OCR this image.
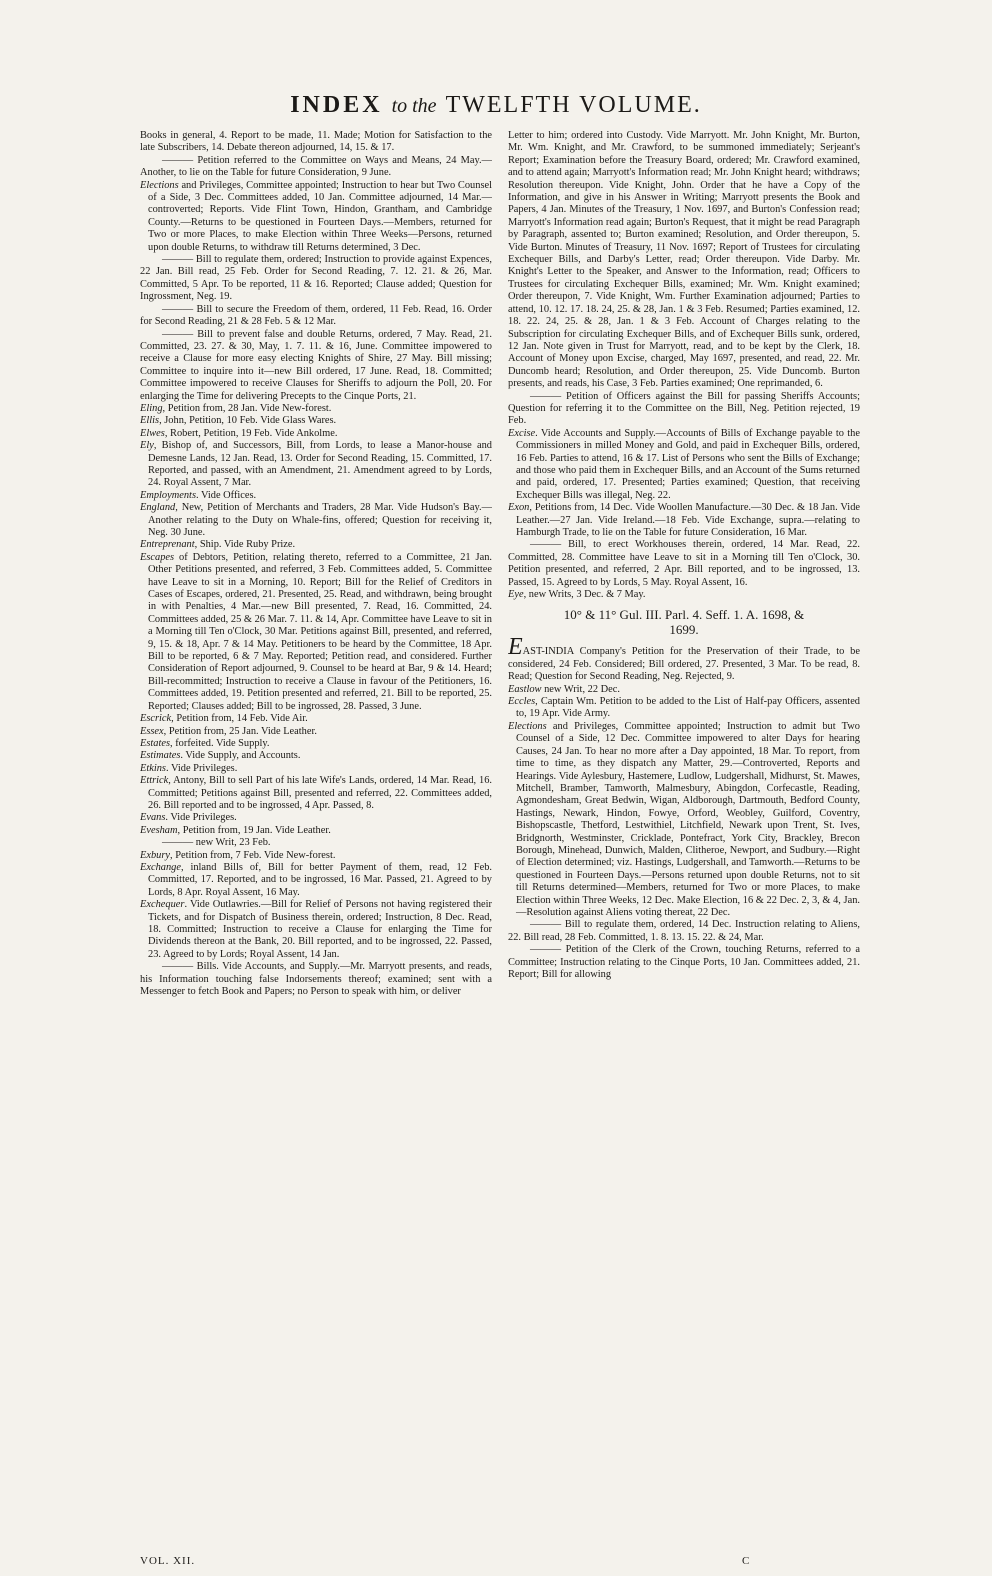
INDEX to the TWELFTH VOLUME.

Books in general, 4. Report to be made, 11. Made; Motion for Satisfaction to the late Subscribers, 14. Debate thereon adjourned, 14, 15. & 17.

——— Petition referred to the Committee on Ways and Means, 24 May.—Another, to lie on the Table for future Consideration, 9 June.

Elections and Privileges, Committee appointed; Instruction to hear but Two Counsel of a Side, 3 Dec. Committees added, 10 Jan. Committee adjourned, 14 Mar.—controverted; Reports. Vide Flint Town, Hindon, Grantham, and Cambridge County.—Returns to be questioned in Fourteen Days.—Members, returned for Two or more Places, to make Election within Three Weeks—Persons, returned upon double Returns, to withdraw till Returns determined, 3 Dec.

——— Bill to regulate them, ordered; Instruction to provide against Expences, 22 Jan. Bill read, 25 Feb. Order for Second Reading, 7. 12. 21. & 26, Mar. Committed, 5 Apr. To be reported, 11 & 16. Reported; Clause added; Question for Ingrossment, Neg. 19.

——— Bill to secure the Freedom of them, ordered, 11 Feb. Read, 16. Order for Second Reading, 21 & 28 Feb. 5 & 12 Mar.

——— Bill to prevent false and double Returns, ordered, 7 May. Read, 21. Committed, 23. 27. & 30, May, 1. 7. 11. & 16, June. Committee impowered to receive a Clause for more easy electing Knights of Shire, 27 May. Bill missing; Committee to inquire into it—new Bill ordered, 17 June. Read, 18. Committed; Committee impowered to receive Clauses for Sheriffs to adjourn the Poll, 20. For enlarging the Time for delivering Precepts to the Cinque Ports, 21.

Eling, Petition from, 28 Jan. Vide New-forest.

Ellis, John, Petition, 10 Feb. Vide Glass Wares.

Elwes, Robert, Petition, 19 Feb. Vide Ankolme.

Ely, Bishop of, and Successors, Bill, from Lords, to lease a Manor-house and Demesne Lands, 12 Jan. Read, 13. Order for Second Reading, 15. Committed, 17. Reported, and passed, with an Amendment, 21. Amendment agreed to by Lords, 24. Royal Assent, 7 Mar.

Employments. Vide Offices.

England, New, Petition of Merchants and Traders, 28 Mar. Vide Hudson's Bay.—Another relating to the Duty on Whale-fins, offered; Question for receiving it, Neg. 30 June.

Entreprenant, Ship. Vide Ruby Prize.

Escapes of Debtors, Petition, relating thereto, referred to a Committee, 21 Jan. Other Petitions presented, and referred, 3 Feb. Committees added, 5. Committee have Leave to sit in a Morning, 10. Report; Bill for the Relief of Creditors in Cases of Escapes, ordered, 21. Presented, 25. Read, and withdrawn, being brought in with Penalties, 4 Mar.—new Bill presented, 7. Read, 16. Committed, 24. Committees added, 25 & 26 Mar. 7. 11. & 14, Apr. Committee have Leave to sit in a Morning till Ten o'Clock, 30 Mar. Petitions against Bill, presented, and referred, 9, 15. & 18, Apr. 7 & 14 May. Petitioners to be heard by the Committee, 18 Apr. Bill to be reported, 6 & 7 May. Reported; Petition read, and considered. Further Consideration of Report adjourned, 9. Counsel to be heard at Bar, 9 & 14. Heard; Bill-recommitted; Instruction to receive a Clause in favour of the Petitioners, 16. Committees added, 19. Petition presented and referred, 21. Bill to be reported, 25. Reported; Clauses added; Bill to be ingrossed, 28. Passed, 3 June.

Escrick, Petition from, 14 Feb. Vide Air.

Essex, Petition from, 25 Jan. Vide Leather.

Estates, forfeited. Vide Supply.

Estimates. Vide Supply, and Accounts.

Etkins. Vide Privileges.

Ettrick, Antony, Bill to sell Part of his late Wife's Lands, ordered, 14 Mar. Read, 16. Committed; Petitions against Bill, presented and referred, 22. Committees added, 26. Bill reported and to be ingrossed, 4 Apr. Passed, 8.

Evans. Vide Privileges.

Evesham, Petition from, 19 Jan. Vide Leather.

——— new Writ, 23 Feb.

Exbury, Petition from, 7 Feb. Vide New-forest.

Exchange, inland Bills of, Bill for better Payment of them, read, 12 Feb. Committed, 17. Reported, and to be ingrossed, 16 Mar. Passed, 21. Agreed to by Lords, 8 Apr. Royal Assent, 16 May.

Exchequer. Vide Outlawries.—Bill for Relief of Persons not having registered their Tickets, and for Dispatch of Business therein, ordered; Instruction, 8 Dec. Read, 18. Committed; Instruction to receive a Clause for enlarging the Time for Dividends thereon at the Bank, 20. Bill reported, and to be ingrossed, 22. Passed, 23. Agreed to by Lords; Royal Assent, 14 Jan.

——— Bills. Vide Accounts, and Supply.—Mr. Marryott presents, and reads, his Information touching false Indorsements thereof; examined; sent with a Messenger to fetch Book and Papers; no Person to speak with him, or deliver

Letter to him; ordered into Custody. Vide Marryott. Mr. John Knight, Mr. Burton, Mr. Wm. Knight, and Mr. Crawford, to be summoned immediately; Serjeant's Report; Examination before the Treasury Board, ordered; Mr. Crawford examined, and to attend again; Marryott's Information read; Mr. John Knight heard; withdraws; Resolution thereupon. Vide Knight, John. Order that he have a Copy of the Information, and give in his Answer in Writing; Marryott presents the Book and Papers, 4 Jan. Minutes of the Treasury, 1 Nov. 1697, and Burton's Confession read; Marryott's Information read again; Burton's Request, that it might be read Paragraph by Paragraph, assented to; Burton examined; Resolution, and Order thereupon, 5. Vide Burton. Minutes of Treasury, 11 Nov. 1697; Report of Trustees for circulating Exchequer Bills, and Darby's Letter, read; Order thereupon. Vide Darby. Mr. Knight's Letter to the Speaker, and Answer to the Information, read; Officers to Trustees for circulating Exchequer Bills, examined; Mr. Wm. Knight examined; Order thereupon, 7. Vide Knight, Wm. Further Examination adjourned; Parties to attend, 10. 12. 17. 18. 24, 25. & 28, Jan. 1 & 3 Feb. Resumed; Parties examined, 12. 18. 22. 24, 25. & 28, Jan. 1 & 3 Feb. Account of Charges relating to the Subscription for circulating Exchequer Bills, and of Exchequer Bills sunk, ordered, 12 Jan. Note given in Trust for Marryott, read, and to be kept by the Clerk, 18. Account of Money upon Excise, charged, May 1697, presented, and read, 22. Mr. Duncomb heard; Resolution, and Order thereupon, 25. Vide Duncomb. Burton presents, and reads, his Case, 3 Feb. Parties examined; One reprimanded, 6.

——— Petition of Officers against the Bill for passing Sheriffs Accounts; Question for referring it to the Committee on the Bill, Neg. Petition rejected, 19 Feb.

Excise. Vide Accounts and Supply.—Accounts of Bills of Exchange payable to the Commissioners in milled Money and Gold, and paid in Exchequer Bills, ordered, 16 Feb. Parties to attend, 16 & 17. List of Persons who sent the Bills of Exchange; and those who paid them in Exchequer Bills, and an Account of the Sums returned and paid, ordered, 17. Presented; Parties examined; Question, that receiving Exchequer Bills was illegal, Neg. 22.

Exon, Petitions from, 14 Dec. Vide Woollen Manufacture.—30 Dec. & 18 Jan. Vide Leather.—27 Jan. Vide Ireland.—18 Feb. Vide Exchange, supra.—relating to Hamburgh Trade, to lie on the Table for future Consideration, 16 Mar.

——— Bill, to erect Workhouses therein, ordered, 14 Mar. Read, 22. Committed, 28. Committee have Leave to sit in a Morning till Ten o'Clock, 30. Petition presented, and referred, 2 Apr. Bill reported, and to be ingrossed, 13. Passed, 15. Agreed to by Lords, 5 May. Royal Assent, 16.

Eye, new Writs, 3 Dec. & 7 May.

10° & 11° Gul. III. Parl. 4. Seff. 1. A. 1698, &
1699.

EAST-INDIA Company's Petition for the Preservation of their Trade, to be considered, 24 Feb. Considered; Bill ordered, 27. Presented, 3 Mar. To be read, 8. Read; Question for Second Reading, Neg. Rejected, 9.

Eastlow new Writ, 22 Dec.

Eccles, Captain Wm. Petition to be added to the List of Half-pay Officers, assented to, 19 Apr. Vide Army.

Elections and Privileges, Committee appointed; Instruction to admit but Two Counsel of a Side, 12 Dec. Committee impowered to alter Days for hearing Causes, 24 Jan. To hear no more after a Day appointed, 18 Mar. To report, from time to time, as they dispatch any Matter, 29.—Controverted, Reports and Hearings. Vide Aylesbury, Hastemere, Ludlow, Ludgershall, Midhurst, St. Mawes, Mitchell, Bramber, Tamworth, Malmesbury, Abingdon, Corfecastle, Reading, Agmondesham, Great Bedwin, Wigan, Aldborough, Dartmouth, Bedford County, Hastings, Newark, Hindon, Fowye, Orford, Weobley, Guilford, Coventry, Bishopscastle, Thetford, Lestwithiel, Litchfield, Newark upon Trent, St. Ives, Bridgnorth, Westminster, Cricklade, Pontefract, York City, Brackley, Brecon Borough, Minehead, Dunwich, Malden, Clitheroe, Newport, and Sudbury.—Right of Election determined; viz. Hastings, Ludgershall, and Tamworth.—Returns to be questioned in Fourteen Days.—Persons returned upon double Returns, not to sit till Returns determined—Members, returned for Two or more Places, to make Election within Three Weeks, 12 Dec. Make Election, 16 & 22 Dec. 2, 3, & 4, Jan.—Resolution against Aliens voting thereat, 22 Dec.

——— Bill to regulate them, ordered, 14 Dec. Instruction relating to Aliens, 22. Bill read, 28 Feb. Committed, 1. 8. 13. 15. 22. & 24, Mar.

——— Petition of the Clerk of the Crown, touching Returns, referred to a Committee; Instruction relating to the Cinque Ports, 10 Jan. Committees added, 21. Report; Bill for allowing

VOL. XII.	C
